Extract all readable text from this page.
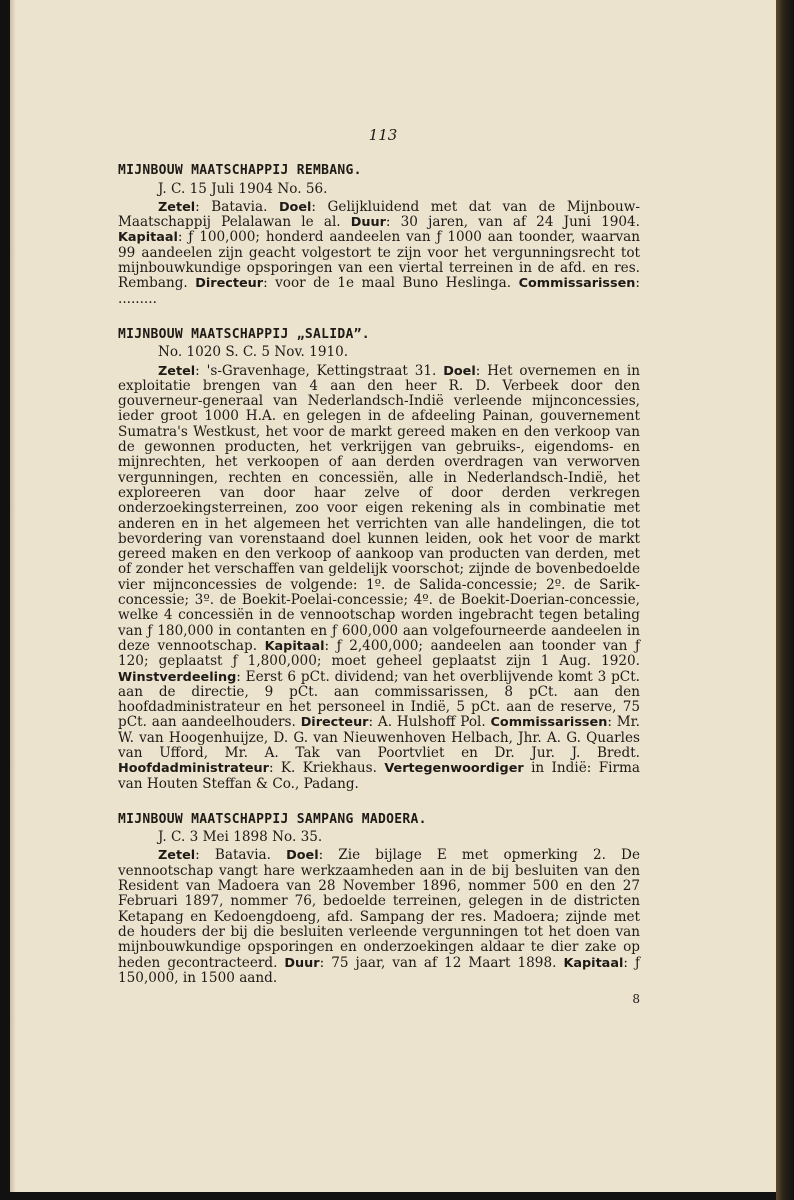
113
MIJNBOUW MAATSCHAPPIJ REMBANG.
J. C. 15 Juli 1904 No. 56.

Zetel: Batavia. Doel: Gelijkluidend met dat van de Mijnbouw-Maatschappij Pelalawan le al. Duur: 30 jaren, van af 24 Juni 1904. Kapitaal: ƒ 100,000; honderd aandeelen van ƒ 1000 aan toonder, waarvan 99 aandeelen zijn geacht volgestort te zijn voor het vergunningsrecht tot mijnbouwkundige opsporingen van een viertal terreinen in de afd. en res. Rembang. Directeur: voor de 1e maal Buno Heslinga. Commissarissen: .........

MIJNBOUW MAATSCHAPPIJ „SALIDA”.
No. 1020 S. C. 5 Nov. 1910.

Zetel: 's-Gravenhage, Kettingstraat 31. Doel: Het overnemen en in exploitatie brengen van 4 aan den heer R. D. Verbeek door den gouverneur-generaal van Nederlandsch-Indië verleende mijnconcessies, ieder groot 1000 H.A. en gelegen in de afdeeling Painan, gouvernement Sumatra's Westkust, het voor de markt gereed maken en den verkoop van de gewonnen producten, het verkrijgen van gebruiks-, eigendoms- en mijnrechten, het verkoopen of aan derden overdragen van verworven vergunningen, rechten en concessiën, alle in Nederlandsch-Indië, het exploreeren van door haar zelve of door derden verkregen onderzoekingsterreinen, zoo voor eigen rekening als in combinatie met anderen en in het algemeen het verrichten van alle handelingen, die tot bevordering van vorenstaand doel kunnen leiden, ook het voor de markt gereed maken en den verkoop of aankoop van producten van derden, met of zonder het verschaffen van geldelijk voorschot; zijnde de bovenbedoelde vier mijnconcessies de volgende: 1º. de Salida-concessie; 2º. de Sarik-concessie; 3º. de Boekit-Poelai-concessie; 4º. de Boekit-Doerian-concessie, welke 4 concessiën in de vennootschap worden ingebracht tegen betaling van ƒ 180,000 in contanten en ƒ 600,000 aan volgefourneerde aandeelen in deze vennootschap. Kapitaal: ƒ 2,400,000; aandeelen aan toonder van ƒ 120; geplaatst ƒ 1,800,000; moet geheel geplaatst zijn 1 Aug. 1920. Winstverdeeling: Eerst 6 pCt. dividend; van het overblijvende komt 3 pCt. aan de directie, 9 pCt. aan commissarissen, 8 pCt. aan den hoofdadministrateur en het personeel in Indië, 5 pCt. aan de reserve, 75 pCt. aan aandeelhouders. Directeur: A. Hulshoff Pol. Commissarissen: Mr. W. van Hoogenhuijze, D. G. van Nieuwenhoven Helbach, Jhr. A. G. Quarles van Ufford, Mr. A. Tak van Poortvliet en Dr. Jur. J. Bredt. Hoofdadministrateur: K. Kriekhaus. Vertegenwoordiger in Indië: Firma van Houten Steffan & Co., Padang.

MIJNBOUW MAATSCHAPPIJ SAMPANG MADOERA.
J. C. 3 Mei 1898 No. 35.

Zetel: Batavia. Doel: Zie bijlage E met opmerking 2. De vennootschap vangt hare werkzaamheden aan in de bij besluiten van den Resident van Madoera van 28 November 1896, nommer 500 en den 27 Februari 1897, nommer 76, bedoelde terreinen, gelegen in de districten Ketapang en Kedoengdoeng, afd. Sampang der res. Madoera; zijnde met de houders der bij die besluiten verleende vergunningen tot het doen van mijnbouwkundige opsporingen en onderzoekingen aldaar te dier zake op heden gecontracteerd. Duur: 75 jaar, van af 12 Maart 1898. Kapitaal: ƒ 150,000, in 1500 aand.

8
